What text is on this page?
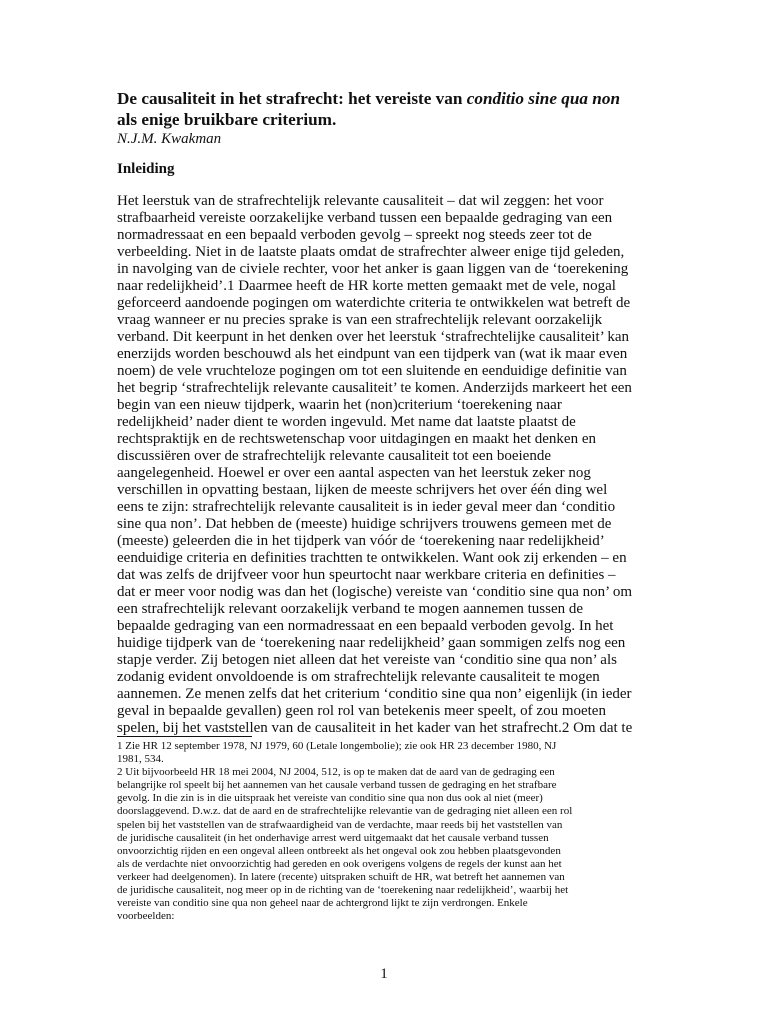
De causaliteit in het strafrecht: het vereiste van conditio sine qua non
als enige bruikbare criterium.

N.J.M. Kwakman

Inleiding
Het leerstuk van de strafrechtelijk relevante causaliteit – dat wil zeggen: het voor
strafbaarheid vereiste oorzakelijke verband tussen een bepaalde gedraging van een
normadressaat en een bepaald verboden gevolg – spreekt nog steeds zeer tot de
verbeelding. Niet in de laatste plaats omdat de strafrechter alweer enige tijd geleden,
in navolging van de civiele rechter, voor het anker is gaan liggen van de ‘toerekening
naar redelijkheid’.1 Daarmee heeft de HR korte metten gemaakt met de vele, nogal
geforceerd aandoende pogingen om waterdichte criteria te ontwikkelen wat betreft de
vraag wanneer er nu precies sprake is van een strafrechtelijk relevant oorzakelijk
verband. Dit keerpunt in het denken over het leerstuk ‘strafrechtelijke causaliteit’ kan
enerzijds worden beschouwd als het eindpunt van een tijdperk van (wat ik maar even
noem) de vele vruchteloze pogingen om tot een sluitende en eenduidige definitie van
het begrip ‘strafrechtelijk relevante causaliteit’ te komen. Anderzijds markeert het een
begin van een nieuw tijdperk, waarin het (non)criterium ‘toerekening naar
redelijkheid’ nader dient te worden ingevuld. Met name dat laatste plaatst de
rechtspraktijk en de rechtswetenschap voor uitdagingen en maakt het denken en
discussiëren over de strafrechtelijk relevante causaliteit tot een boeiende
aangelegenheid. Hoewel er over een aantal aspecten van het leerstuk zeker nog
verschillen in opvatting bestaan, lijken de meeste schrijvers het over één ding wel
eens te zijn: strafrechtelijk relevante causaliteit is in ieder geval meer dan ‘conditio
sine qua non’. Dat hebben de (meeste) huidige schrijvers trouwens gemeen met de
(meeste) geleerden die in het tijdperk van vóór de ‘toerekening naar redelijkheid’
eenduidige criteria en definities trachtten te ontwikkelen. Want ook zij erkenden – en
dat was zelfs de drijfveer voor hun speurtocht naar werkbare criteria en definities –
dat er meer voor nodig was dan het (logische) vereiste van ‘conditio sine qua non’ om
een strafrechtelijk relevant oorzakelijk verband te mogen aannemen tussen de
bepaalde gedraging van een normadressaat en een bepaald verboden gevolg. In het
huidige tijdperk van de ‘toerekening naar redelijkheid’ gaan sommigen zelfs nog een
stapje verder. Zij betogen niet alleen dat het vereiste van ‘conditio sine qua non’ als
zodanig evident onvoldoende is om strafrechtelijk relevante causaliteit te mogen
aannemen. Ze menen zelfs dat het criterium ‘conditio sine qua non’ eigenlijk (in ieder
geval in bepaalde gevallen) geen rol rol van betekenis meer speelt, of zou moeten
spelen, bij het vaststellen van de causaliteit in het kader van het strafrecht.2 Om dat te
1 Zie HR 12 september 1978, NJ 1979, 60 (Letale longembolie); zie ook HR 23 december 1980, NJ
1981, 534.
2 Uit bijvoorbeeld HR 18 mei 2004, NJ 2004, 512, is op te maken dat de aard van de gedraging een
belangrijke rol speelt bij het aannemen van het causale verband tussen de gedraging en het strafbare
gevolg. In die zin is in die uitspraak het vereiste van conditio sine qua non dus ook al niet (meer)
doorslaggevend. D.w.z. dat de aard en de strafrechtelijke relevantie van de gedraging niet alleen een rol
spelen bij het vaststellen van de strafwaardigheid van de verdachte, maar reeds bij het vaststellen van
de juridische causaliteit (in het onderhavige arrest werd uitgemaakt dat het causale verband tussen
onvoorzichtig rijden en een ongeval alleen ontbreekt als het ongeval ook zou hebben plaatsgevonden
als de verdachte niet onvoorzichtig had gereden en ook overigens volgens de regels der kunst aan het
verkeer had deelgenomen). In latere (recente) uitspraken schuift de HR, wat betreft het aannemen van
de juridische causaliteit, nog meer op in de richting van de ‘toerekening naar redelijkheid’, waarbij het
vereiste van conditio sine qua non geheel naar de achtergrond lijkt te zijn verdrongen. Enkele
voorbeelden:
1
